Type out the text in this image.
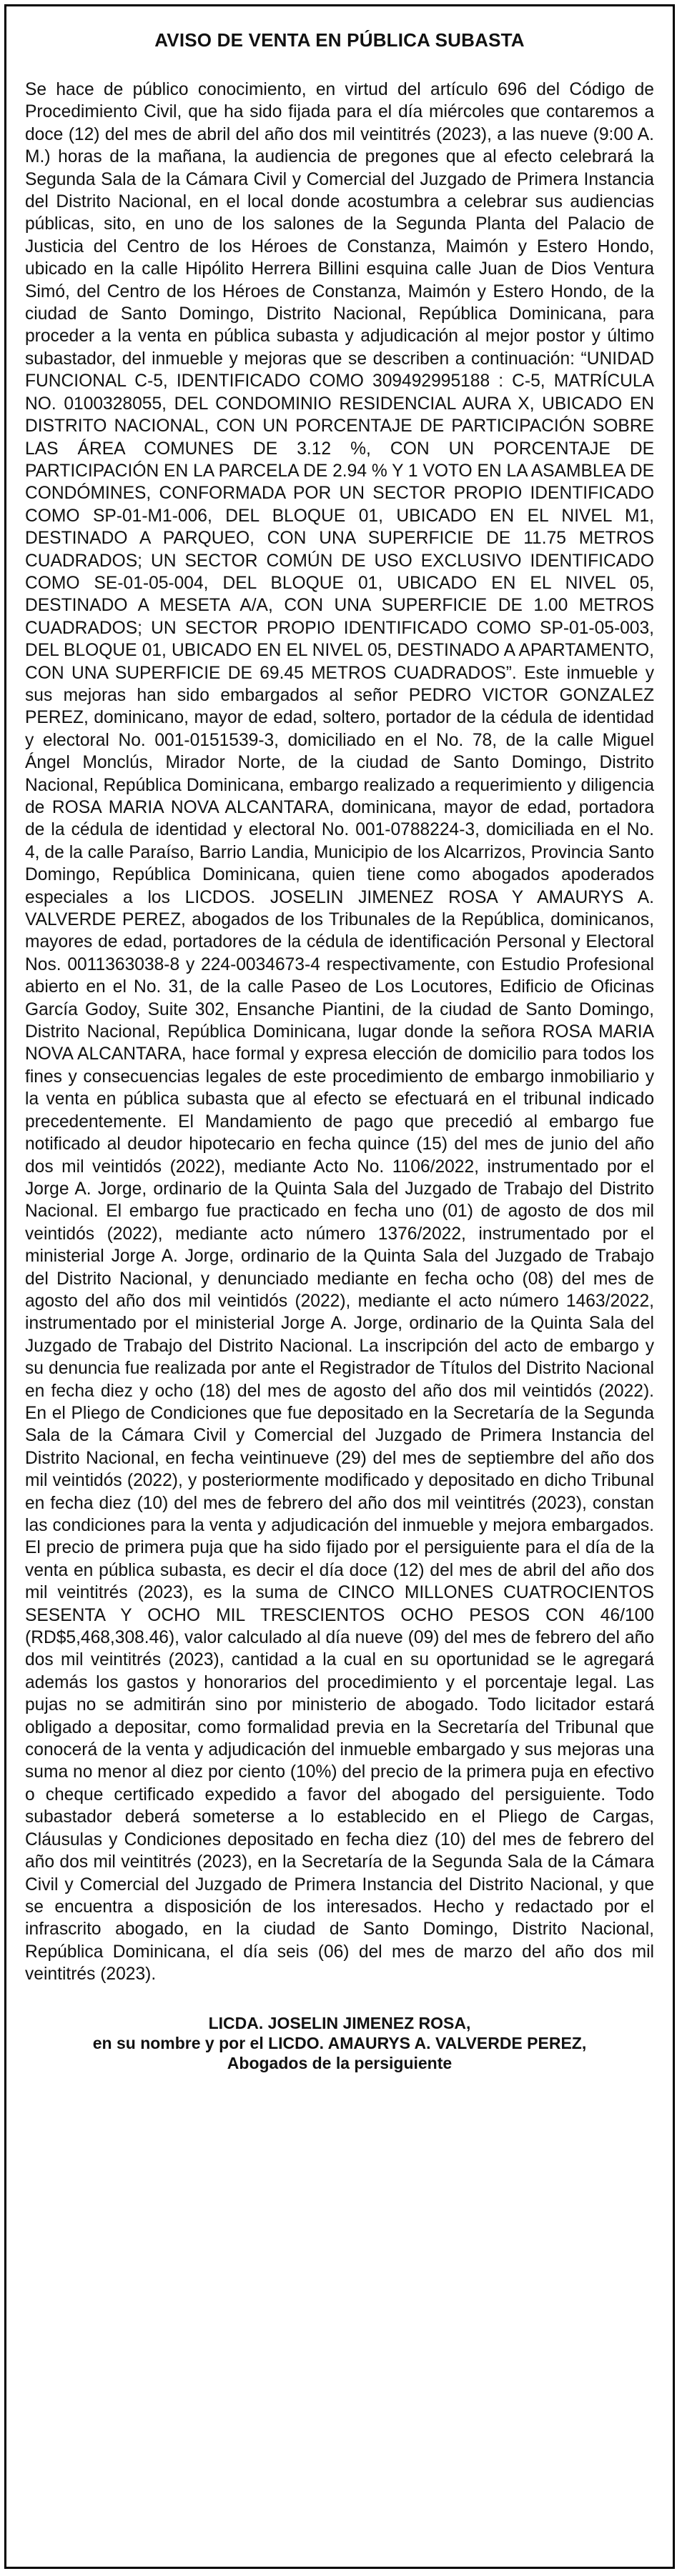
AVISO DE VENTA EN PÚBLICA SUBASTA

Se hace de público conocimiento, en virtud del artículo 696 del Código de Procedimiento Civil, que ha sido fijada para el día miércoles que contaremos a doce (12) del mes de abril del año dos mil veintitrés (2023), a las nueve (9:00 A. M.) horas de la mañana, la audiencia de pregones que al efecto celebrará la Segunda Sala de la Cámara Civil y Comercial del Juzgado de Primera Instancia del Distrito Nacional, en el local donde acostumbra a celebrar sus audiencias públicas, sito, en uno de los salones de la Segunda Planta del Palacio de Justicia del Centro de los Héroes de Constanza, Maimón y Estero Hondo, ubicado en la calle Hipólito Herrera Billini esquina calle Juan de Dios Ventura Simó, del Centro de los Héroes de Constanza, Maimón y Estero Hondo, de la ciudad de Santo Domingo, Distrito Nacional, República Dominicana, para proceder a la venta en pública subasta y adjudicación al mejor postor y último subastador, del inmueble y mejoras que se describen a continuación: “UNIDAD FUNCIONAL C-5, IDENTIFICADO COMO 309492995188 : C-5, MATRÍCULA NO. 0100328055, DEL CONDOMINIO RESIDENCIAL AURA X, UBICADO EN DISTRITO NACIONAL, CON UN PORCENTAJE DE PARTICIPACIÓN SOBRE LAS ÁREA COMUNES DE 3.12 %, CON UN PORCENTAJE DE PARTICIPACIÓN EN LA PARCELA DE 2.94 % Y 1 VOTO EN LA ASAMBLEA DE CONDÓMINES, CONFORMADA POR UN SECTOR PROPIO IDENTIFICADO COMO SP-01-M1-006, DEL BLOQUE 01, UBICADO EN EL NIVEL M1, DESTINADO A PARQUEO, CON UNA SUPERFICIE DE 11.75 METROS CUADRADOS; UN SECTOR COMÚN DE USO EXCLUSIVO IDENTIFICADO COMO SE-01-05-004, DEL BLOQUE 01, UBICADO EN EL NIVEL 05, DESTINADO A MESETA A/A, CON UNA SUPERFICIE DE 1.00 METROS CUADRADOS; UN SECTOR PROPIO IDENTIFICADO COMO SP-01-05-003, DEL BLOQUE 01, UBICADO EN EL NIVEL 05, DESTINADO A APARTAMENTO, CON UNA SUPERFICIE DE 69.45 METROS CUADRADOS”. Este inmueble y sus mejoras han sido embargados al señor PEDRO VICTOR GONZALEZ PEREZ, dominicano, mayor de edad, soltero, portador de la cédula de identidad y electoral No. 001-0151539-3, domiciliado en el No. 78, de la calle Miguel Ángel Monclús, Mirador Norte, de la ciudad de Santo Domingo, Distrito Nacional, República Dominicana, embargo realizado a requerimiento y diligencia de ROSA MARIA NOVA ALCANTARA, dominicana, mayor de edad, portadora de la cédula de identidad y electoral No. 001-0788224-3, domiciliada en el No. 4, de la calle Paraíso, Barrio Landia, Municipio de los Alcarrizos, Provincia Santo Domingo, República Dominicana, quien tiene como abogados apoderados especiales a los LICDOS. JOSELIN JIMENEZ ROSA Y AMAURYS A. VALVERDE PEREZ, abogados de los Tribunales de la República, dominicanos, mayores de edad, portadores de la cédula de identificación Personal y Electoral Nos. 0011363038-8 y 224-0034673-4 respectivamente, con Estudio Profesional abierto en el No. 31, de la calle Paseo de Los Locutores, Edificio de Oficinas García Godoy, Suite 302, Ensanche Piantini, de la ciudad de Santo Domingo, Distrito Nacional, República Dominicana, lugar donde la señora ROSA MARIA NOVA ALCANTARA, hace formal y expresa elección de domicilio para todos los fines y consecuencias legales de este procedimiento de embargo inmobiliario y la venta en pública subasta que al efecto se efectuará en el tribunal indicado precedentemente. El Mandamiento de pago que precedió al embargo fue notificado al deudor hipotecario en fecha quince (15) del mes de junio del año dos mil veintidós (2022), mediante Acto No. 1106/2022, instrumentado por el Jorge A. Jorge, ordinario de la Quinta Sala del Juzgado de Trabajo del Distrito Nacional. El embargo fue practicado en fecha uno (01) de agosto de dos mil veintidós (2022), mediante acto número 1376/2022, instrumentado por el ministerial Jorge A. Jorge, ordinario de la Quinta Sala del Juzgado de Trabajo del Distrito Nacional, y denunciado mediante en fecha ocho (08) del mes de agosto del año dos mil veintidós (2022), mediante el acto número 1463/2022, instrumentado por el ministerial Jorge A. Jorge, ordinario de la Quinta Sala del Juzgado de Trabajo del Distrito Nacional. La inscripción del acto de embargo y su denuncia fue realizada por ante el Registrador de Títulos del Distrito Nacional en fecha diez y ocho (18) del mes de agosto del año dos mil veintidós (2022). En el Pliego de Condiciones que fue depositado en la Secretaría de la Segunda Sala de la Cámara Civil y Comercial del Juzgado de Primera Instancia del Distrito Nacional, en fecha veintinueve (29) del mes de septiembre del año dos mil veintidós (2022), y posteriormente modificado y depositado en dicho Tribunal en fecha diez (10) del mes de febrero del año dos mil veintitrés (2023), constan las condiciones para la venta y adjudicación del inmueble y mejora embargados. El precio de primera puja que ha sido fijado por el persiguiente para el día de la venta en pública subasta, es decir el día doce (12) del mes de abril del año dos mil veintitrés (2023), es la suma de CINCO MILLONES CUATROCIENTOS SESENTA Y OCHO MIL TRESCIENTOS OCHO PESOS CON 46/100 (RD$5,468,308.46), valor calculado al día nueve (09) del mes de febrero del año dos mil veintitrés (2023), cantidad a la cual en su oportunidad se le agregará además los gastos y honorarios del procedimiento y el porcentaje legal. Las pujas no se admitirán sino por ministerio de abogado. Todo licitador estará obligado a depositar, como formalidad previa en la Secretaría del Tribunal que conocerá de la venta y adjudicación del inmueble embargado y sus mejoras una suma no menor al diez por ciento (10%) del precio de la primera puja en efectivo o cheque certificado expedido a favor del abogado del persiguiente. Todo subastador deberá someterse a lo establecido en el Pliego de Cargas, Cláusulas y Condiciones depositado en fecha diez (10) del mes de febrero del año dos mil veintitrés (2023), en la Secretaría de la Segunda Sala de la Cámara Civil y Comercial del Juzgado de Primera Instancia del Distrito Nacional, y que se encuentra a disposición de los interesados. Hecho y redactado por el infrascrito abogado, en la ciudad de Santo Domingo, Distrito Nacional, República Dominicana, el día seis (06) del mes de marzo del año dos mil veintitrés (2023).

LICDA. JOSELIN JIMENEZ ROSA,
en su nombre y por el LICDO. AMAURYS A. VALVERDE PEREZ,
Abogados de la persiguiente
